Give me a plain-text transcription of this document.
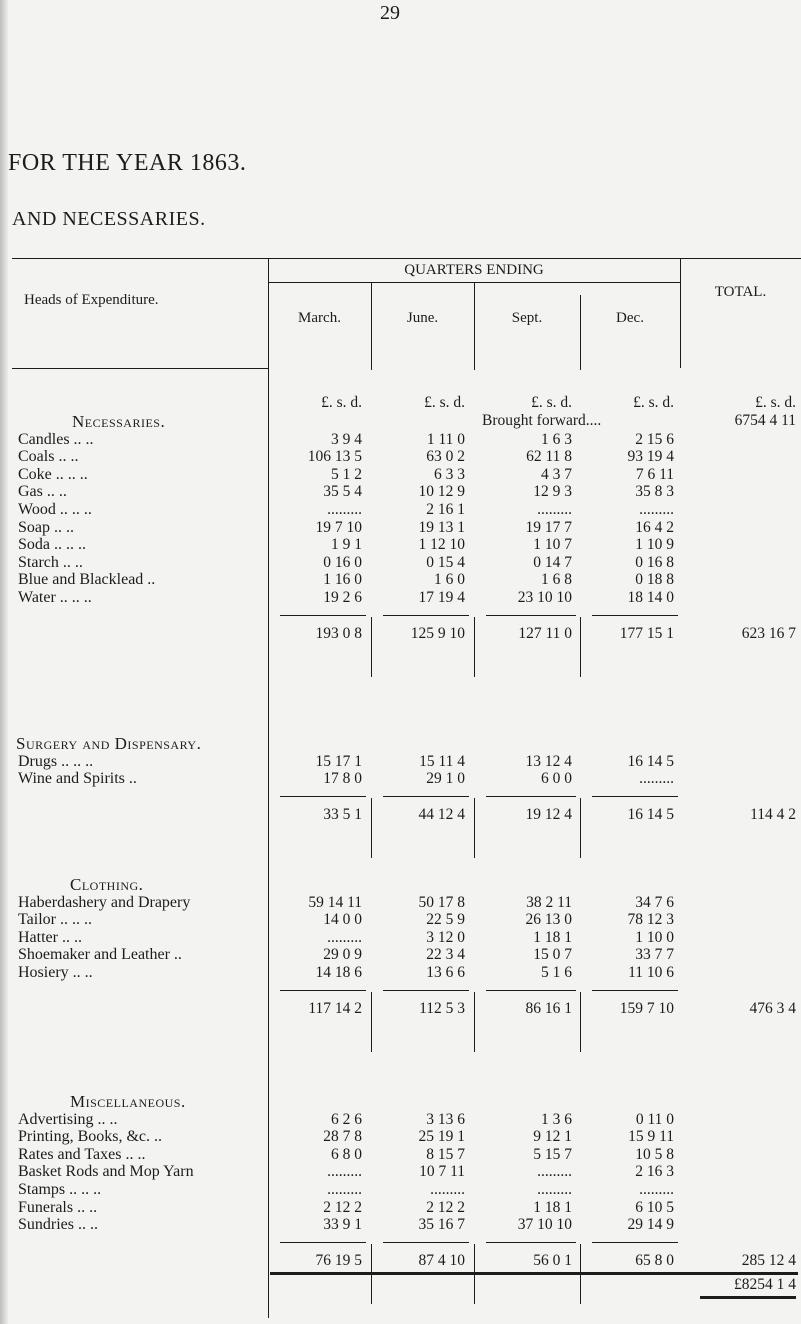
29
FOR THE YEAR 1863.
AND NECESSARIES.
Heads of Expenditure.
QUARTERS ENDING
TOTAL.
March.	June.	Sept.	Dec.
£. s. d.	£. s. d.	£. s. d.	£. s. d.	£. s. d.
Brought forward....	6754 4 11
Necessaries.
Candles .. ..	3 9 4	1 11 0	1 6 3	2 15 6
Coals .. ..	106 13 5	63 0 2	62 11 8	93 19 4
Coke .. .. ..	5 1 2	6 3 3	4 3 7	7 6 11
Gas .. ..	35 5 4	10 12 9	12 9 3	35 8 3
Wood .. .. ..	.........	2 16 1	.........	.........
Soap .. ..	19 7 10	19 13 1	19 17 7	16 4 2
Soda .. .. ..	1 9 1	1 12 10	1 10 7	1 10 9
Starch .. ..	0 16 0	0 15 4	0 14 7	0 16 8
Blue and Blacklead ..	1 16 0	1 6 0	1 6 8	0 18 8
Water .. .. ..	19 2 6	17 19 4	23 10 10	18 14 0
193 0 8	125 9 10	127 11 0	177 15 1	623 16 7
Surgery and Dispensary.
Drugs .. .. ..	15 17 1	15 11 4	13 12 4	16 14 5
Wine and Spirits ..	17 8 0	29 1 0	6 0 0	.........
33 5 1	44 12 4	19 12 4	16 14 5	114 4 2
Clothing.
Haberdashery and Drapery	59 14 11	50 17 8	38 2 11	34 7 6
Tailor .. .. ..	14 0 0	22 5 9	26 13 0	78 12 3
Hatter .. ..	.........	3 12 0	1 18 1	1 10 0
Shoemaker and Leather ..	29 0 9	22 3 4	15 0 7	33 7 7
Hosiery .. ..	14 18 6	13 6 6	5 1 6	11 10 6
117 14 2	112 5 3	86 16 1	159 7 10	476 3 4
Miscellaneous.
Advertising .. ..	6 2 6	3 13 6	1 3 6	0 11 0
Printing, Books, &c. ..	28 7 8	25 19 1	9 12 1	15 9 11
Rates and Taxes .. ..	6 8 0	8 15 7	5 15 7	10 5 8
Basket Rods and Mop Yarn	.........	10 7 11	.........	2 16 3
Stamps .. .. ..	.........	.........	.........	.........
Funerals .. ..	2 12 2	2 12 2	1 18 1	6 10 5
Sundries .. ..	33 9 1	35 16 7	37 10 10	29 14 9
76 19 5	87 4 10	56 0 1	65 8 0	285 12 4
£8254 1 4
